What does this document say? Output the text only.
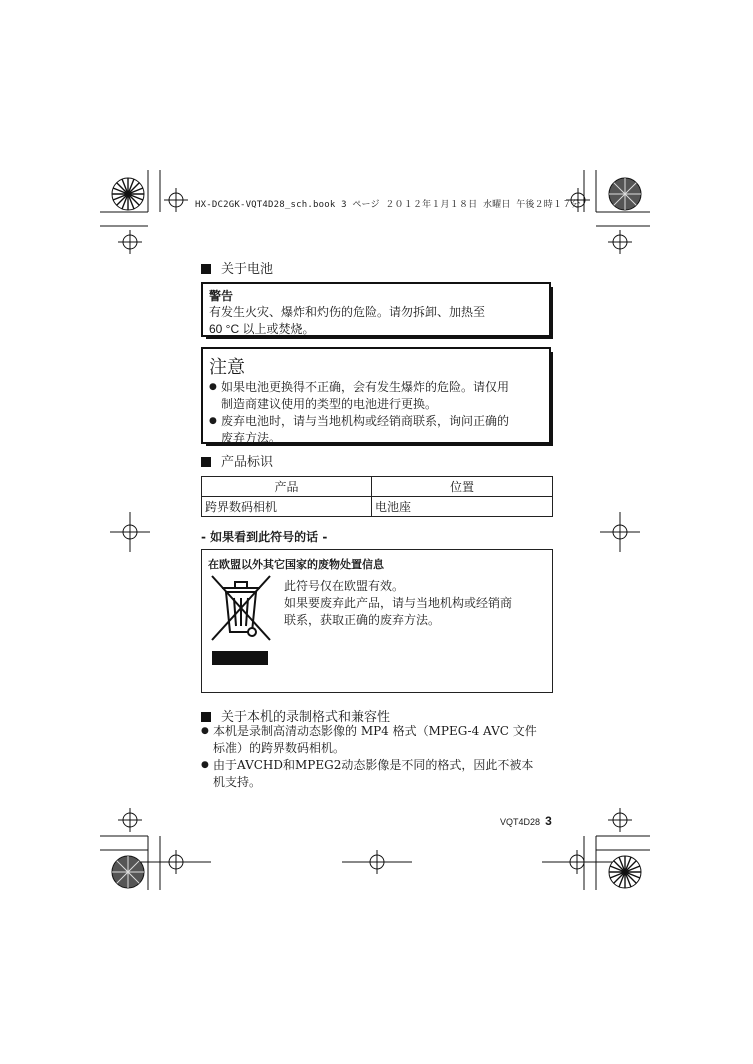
HX-DC2GK-VQT4D28_sch.book 3 ページ ２０１２年１月１８日 水曜日 午後２時１７分
关于电池
警告
有发生火灾、爆炸和灼伤的危险。请勿拆卸、加热至
60 °C 以上或焚烧。
注意
● 如果电池更换得不正确，会有发生爆炸的危险。请仅用
制造商建议使用的类型的电池进行更换。
● 废弃电池时，请与当地机构或经销商联系，询问正确的
废弃方法。
产品标识
产品	位置
跨界数码相机	电池座
- 如果看到此符号的话 -
在欧盟以外其它国家的废物处置信息
此符号仅在欧盟有效。
如果要废弃此产品，请与当地机构或经销商
联系，获取正确的废弃方法。
关于本机的录制格式和兼容性
● 本机是录制高清动态影像的 MP4 格式（MPEG-4 AVC 文件
标准）的跨界数码相机。
● 由于AVCHD和MPEG2动态影像是不同的格式，因此不被本
机支持。
VQT4D28 3
